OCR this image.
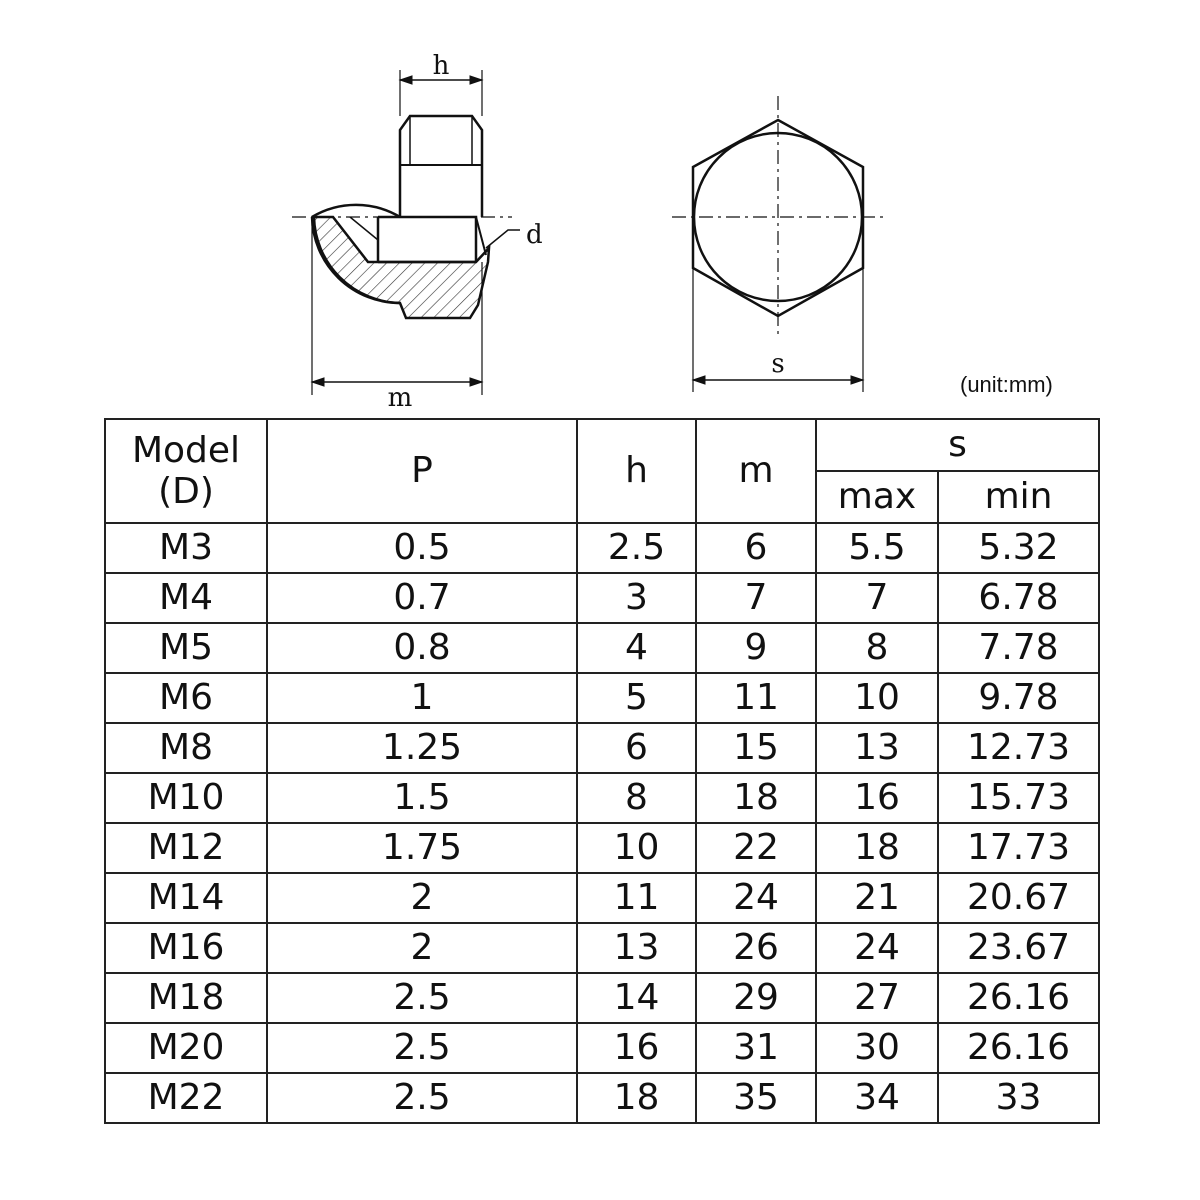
h
m
d
s
(unit:mm)
Model
(D)	P	h	m	s	
				max	min
M3	0.5	2.5	6	5.5	5.32
M4	0.7	3	7	7	6.78
M5	0.8	4	9	8	7.78
M6	1	5	11	10	9.78
M8	1.25	6	15	13	12.73
M10	1.5	8	18	16	15.73
M12	1.75	10	22	18	17.73
M14	2	11	24	21	20.67
M16	2	13	26	24	23.67
M18	2.5	14	29	27	26.16
M20	2.5	16	31	30	26.16
M22	2.5	18	35	34	33
